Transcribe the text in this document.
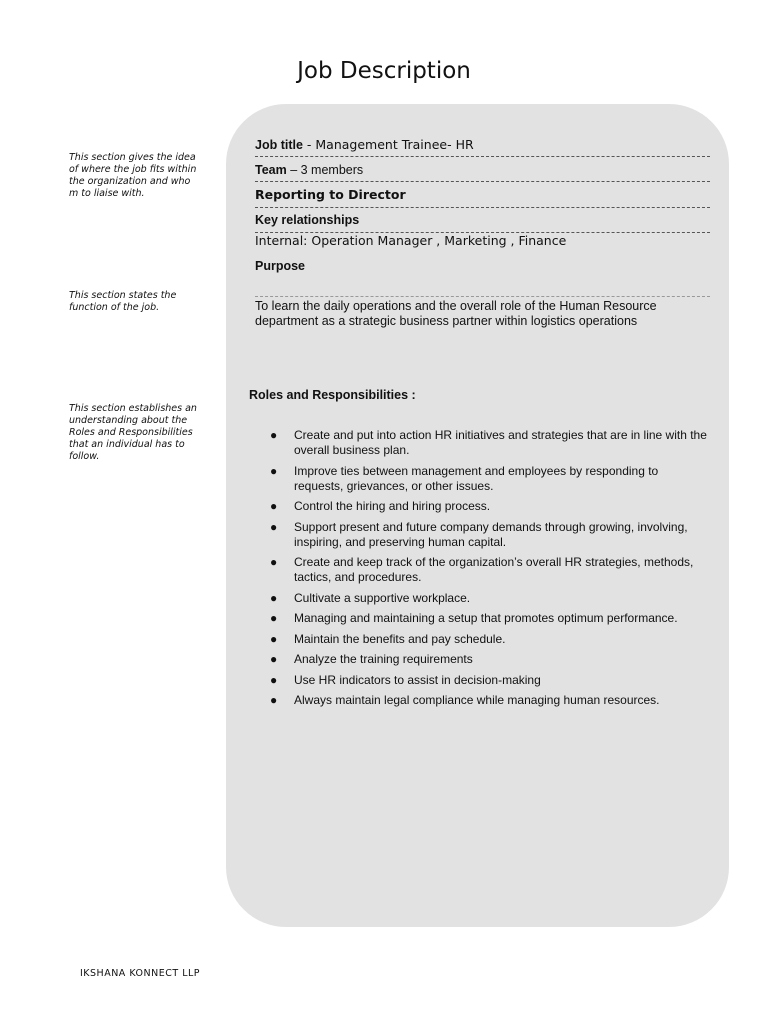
Job Description
This section gives the idea of where the job fits within the organization and who m to liaise with.
This section states the function of the job.
This section establishes an understanding about the Roles and Responsibilities that an individual has to follow.
Job title - Management Trainee- HR
Team – 3 members
Reporting to Director
Key relationships
Internal: Operation Manager , Marketing , Finance
Purpose
To learn the daily operations and the overall role of the Human Resource department as a strategic business partner within logistics operations
Roles and Responsibilities :
● Create and put into action HR initiatives and strategies that are in line with the overall business plan.
● Improve ties between management and employees by responding to requests, grievances, or other issues.
● Control the hiring and hiring process.
● Support present and future company demands through growing, involving, inspiring, and preserving human capital.
● Create and keep track of the organization’s overall HR strategies, methods, tactics, and procedures.
● Cultivate a supportive workplace.
● Managing and maintaining a setup that promotes optimum performance.
● Maintain the benefits and pay schedule.
● Analyze the training requirements
● Use HR indicators to assist in decision-making
● Always maintain legal compliance while managing human resources.
IKSHANA KONNECT LLP
